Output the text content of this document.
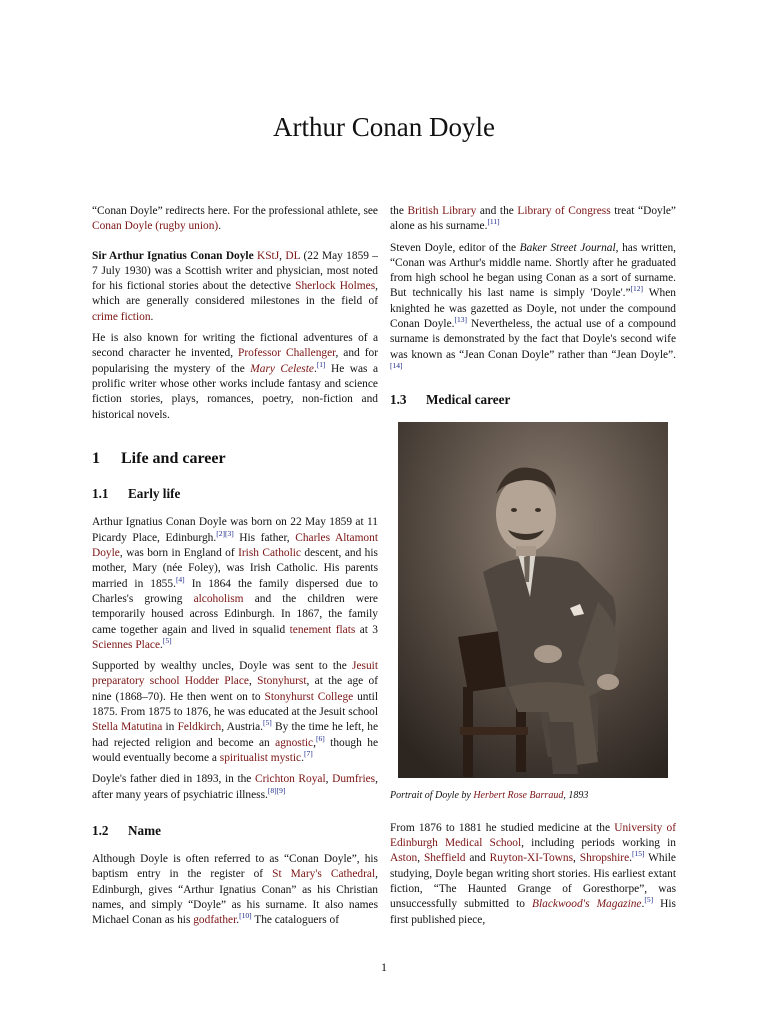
Arthur Conan Doyle

“Conan Doyle” redirects here. For the professional athlete, see Conan Doyle (rugby union).

Sir Arthur Ignatius Conan Doyle KStJ, DL (22 May 1859 – 7 July 1930) was a Scottish writer and physician, most noted for his fictional stories about the detective Sherlock Holmes, which are generally considered milestones in the field of crime fiction.

He is also known for writing the fictional adventures of a second character he invented, Professor Challenger, and for popularising the mystery of the Mary Celeste.[1] He was a prolific writer whose other works include fantasy and science fiction stories, plays, romances, poetry, non-fiction and historical novels.

1 Life and career
1.1 Early life

Arthur Ignatius Conan Doyle was born on 22 May 1859 at 11 Picardy Place, Edinburgh.[2][3] His father, Charles Altamont Doyle, was born in England of Irish Catholic descent, and his mother, Mary (née Foley), was Irish Catholic. His parents married in 1855.[4] In 1864 the family dispersed due to Charles's growing alcoholism and the children were temporarily housed across Edinburgh. In 1867, the family came together again and lived in squalid tenement flats at 3 Sciennes Place.[5]

Supported by wealthy uncles, Doyle was sent to the Jesuit preparatory school Hodder Place, Stonyhurst, at the age of nine (1868–70). He then went on to Stonyhurst College until 1875. From 1875 to 1876, he was educated at the Jesuit school Stella Matutina in Feldkirch, Austria.[5] By the time he left, he had rejected religion and become an agnostic,[6] though he would eventually become a spiritualist mystic.[7]

Doyle's father died in 1893, in the Crichton Royal, Dumfries, after many years of psychiatric illness.[8][9]

1.2 Name

Although Doyle is often referred to as “Conan Doyle”, his baptism entry in the register of St Mary's Cathedral, Edinburgh, gives “Arthur Ignatius Conan” as his Christian names, and simply “Doyle” as his surname. It also names Michael Conan as his godfather.[10] The cataloguers of

the British Library and the Library of Congress treat “Doyle” alone as his surname.[11]

Steven Doyle, editor of the Baker Street Journal, has written, “Conan was Arthur's middle name. Shortly after he graduated from high school he began using Conan as a sort of surname. But technically his last name is simply 'Doyle'.”[12] When knighted he was gazetted as Doyle, not under the compound Conan Doyle.[13] Nevertheless, the actual use of a compound surname is demonstrated by the fact that Doyle's second wife was known as “Jean Conan Doyle” rather than “Jean Doyle”.[14]

1.3 Medical career
Portrait of Doyle by Herbert Rose Barraud, 1893

From 1876 to 1881 he studied medicine at the University of Edinburgh Medical School, including periods working in Aston, Sheffield and Ruyton-XI-Towns, Shropshire.[15] While studying, Doyle began writing short stories. His earliest extant fiction, “The Haunted Grange of Goresthorpe”, was unsuccessfully submitted to Blackwood's Magazine.[5] His first published piece,

1
